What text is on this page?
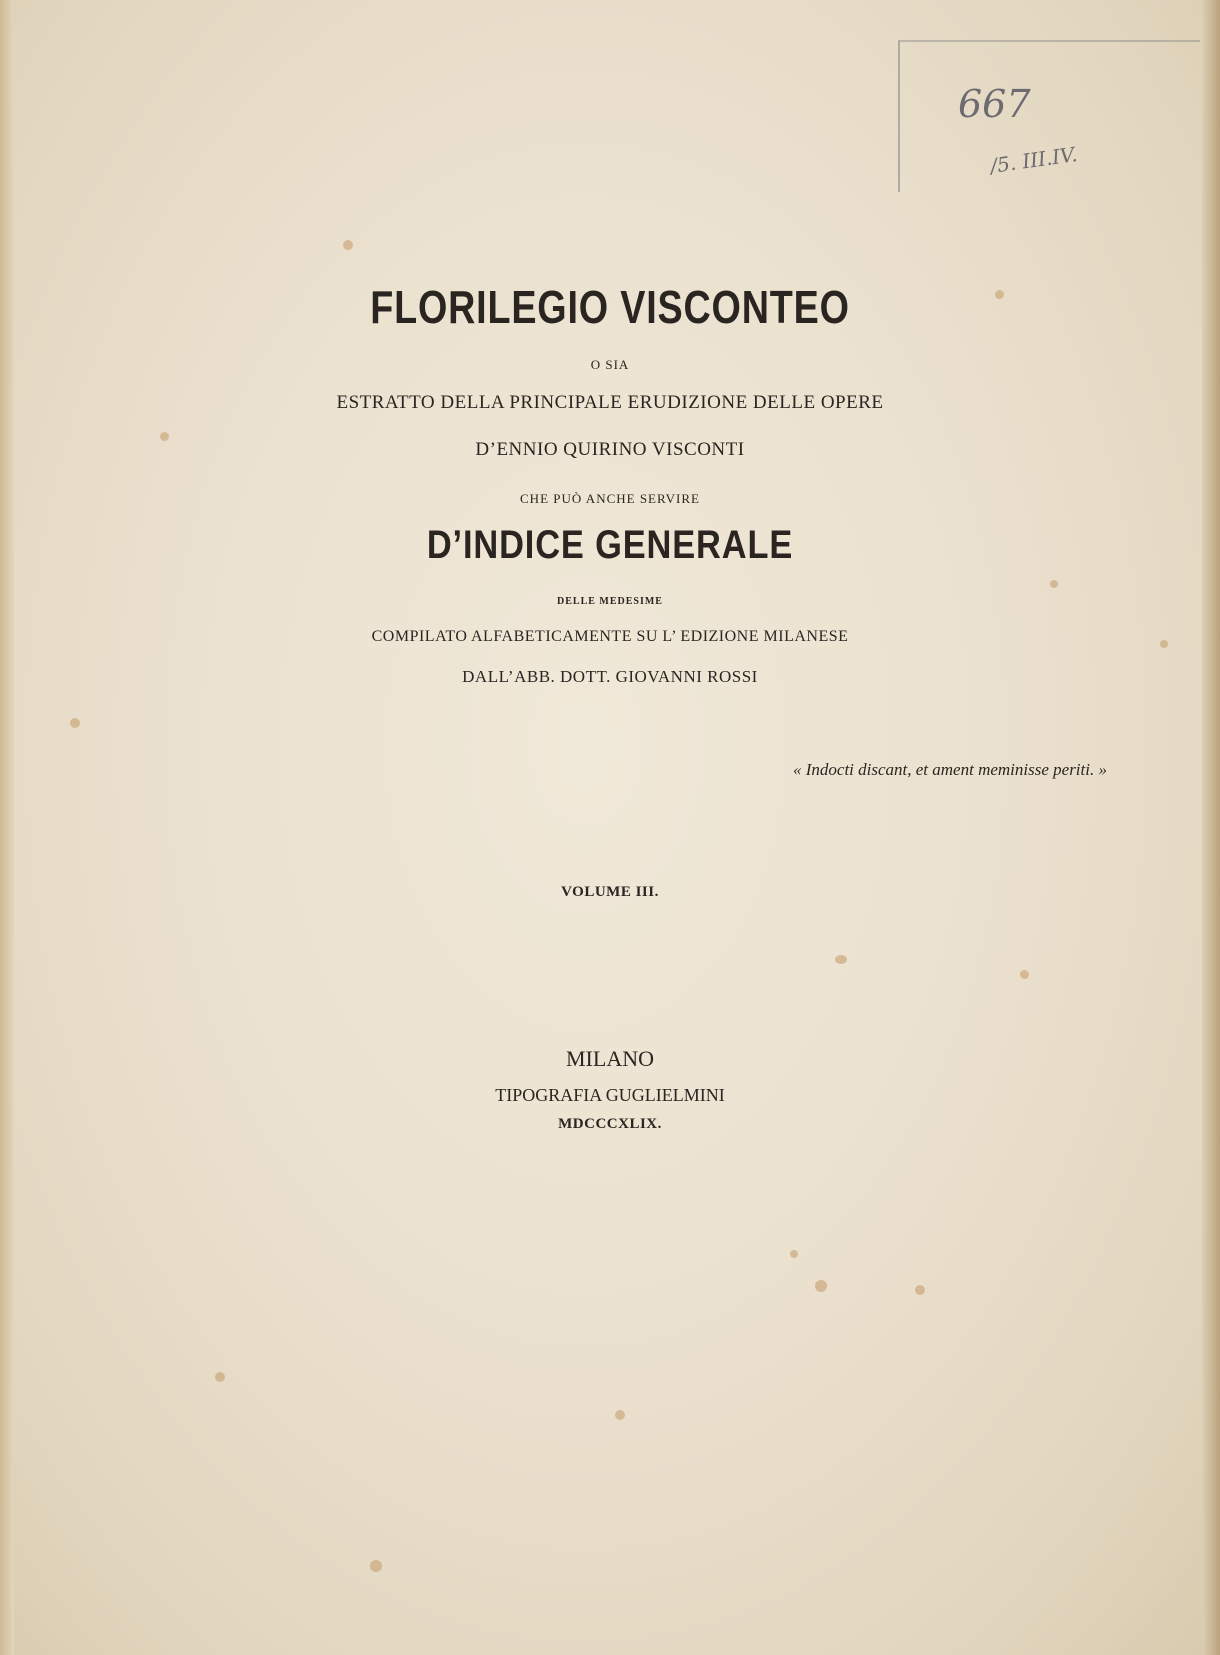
667
/5. III.IV.
FLORILEGIO VISCONTEO
O SIA
ESTRATTO DELLA PRINCIPALE ERUDIZIONE DELLE OPERE
D’ENNIO QUIRINO VISCONTI
CHE PUÒ ANCHE SERVIRE
D’INDICE GENERALE
DELLE MEDESIME
COMPILATO ALFABETICAMENTE SU L’ EDIZIONE MILANESE
DALL’ABB. DOTT. GIOVANNI ROSSI
« Indocti discant, et ament meminisse periti. »
VOLUME III.
MILANO
TIPOGRAFIA GUGLIELMINI
MDCCCXLIX.
